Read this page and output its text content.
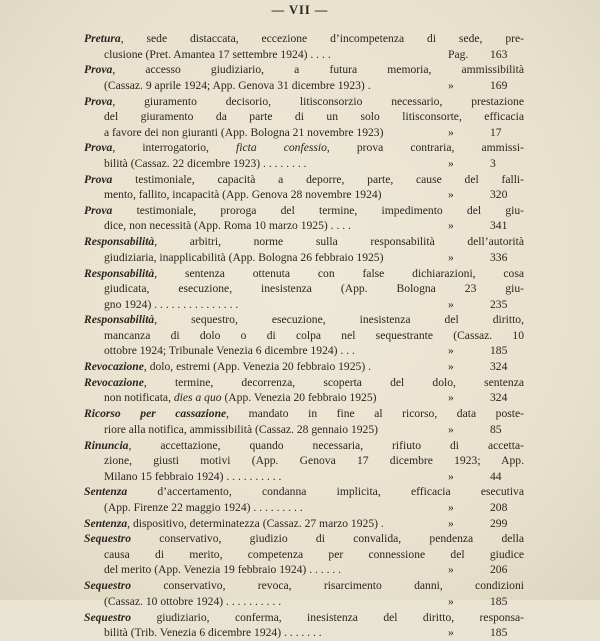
— VII —
Pretura, sede distaccata, eccezione d’incompetenza di sede, pre-
clusione (Pret. Amantea 17 settembre 1924) . . . .	Pag. 163
Prova, accesso giudiziario, a futura memoria, ammissibilità
(Cassaz. 9 aprile 1924; App. Genova 31 dicembre 1923) .	»	169
Prova, giuramento decisorio, litisconsorzio necessario, prestazione
del giuramento da parte di un solo litisconsorte, efficacia
a favore dei non giuranti (App. Bologna 21 novembre 1923)	»	17
Prova, interrogatorio, ficta confessio, prova contraria, ammissi-
bilità (Cassaz. 22 dicembre 1923) . . . . . . . .	»	3
Prova testimoniale, capacità a deporre, parte, cause del falli-
mento, fallito, incapacità (App. Genova 28 novembre 1924)	»	320
Prova testimoniale, proroga del termine, impedimento del giu-
dice, non necessità (App. Roma 10 marzo 1925) . . . .	»	341
Responsabilità, arbitri, norme sulla responsabilità dell’autorità
giudiziaria, inapplicabilità (App. Bologna 26 febbraio 1925)	»	336
Responsabilità, sentenza ottenuta con false dichiarazioni, cosa
giudicata, esecuzione, inesistenza (App. Bologna 23 giu-
gno 1924) . . . . . . . . . . . . . . .	»	235
Responsabilità, sequestro, esecuzione, inesistenza del diritto,
mancanza di dolo o di colpa nel sequestrante (Cassaz. 10
ottobre 1924; Tribunale Venezia 6 dicembre 1924) . . .	»	185
Revocazione, dolo, estremi (App. Venezia 20 febbraio 1925) .	»	324
Revocazione, termine, decorrenza, scoperta del dolo, sentenza
non notificata, dies a quo (App. Venezia 20 febbraio 1925)	»	324
Ricorso per cassazione, mandato in fine al ricorso, data poste-
riore alla notifica, ammissibilità (Cassaz. 28 gennaio 1925)	»	85
Rinuncia, accettazione, quando necessaria, rifiuto di accetta-
zione, giusti motivi (App. Genova 17 dicembre 1923; App.
Milano 15 febbraio 1924) . . . . . . . . . .	»	44
Sentenza d’accertamento, condanna implicita, efficacia esecutiva
(App. Firenze 22 maggio 1924) . . . . . . . . .	»	208
Sentenza, dispositivo, determinatezza (Cassaz. 27 marzo 1925) .	»	299
Sequestro conservativo, giudizio di convalida, pendenza della
causa di merito, competenza per connessione del giudice
del merito (App. Venezia 19 febbraio 1924) . . . . . .	»	206
Sequestro conservativo, revoca, risarcimento danni, condizioni
(Cassaz. 10 ottobre 1924) . . . . . . . . . .	»	185
Sequestro giudiziario, conferma, inesistenza del diritto, responsa-
bilità (Trib. Venezia 6 dicembre 1924) . . . . . . .	»	185
